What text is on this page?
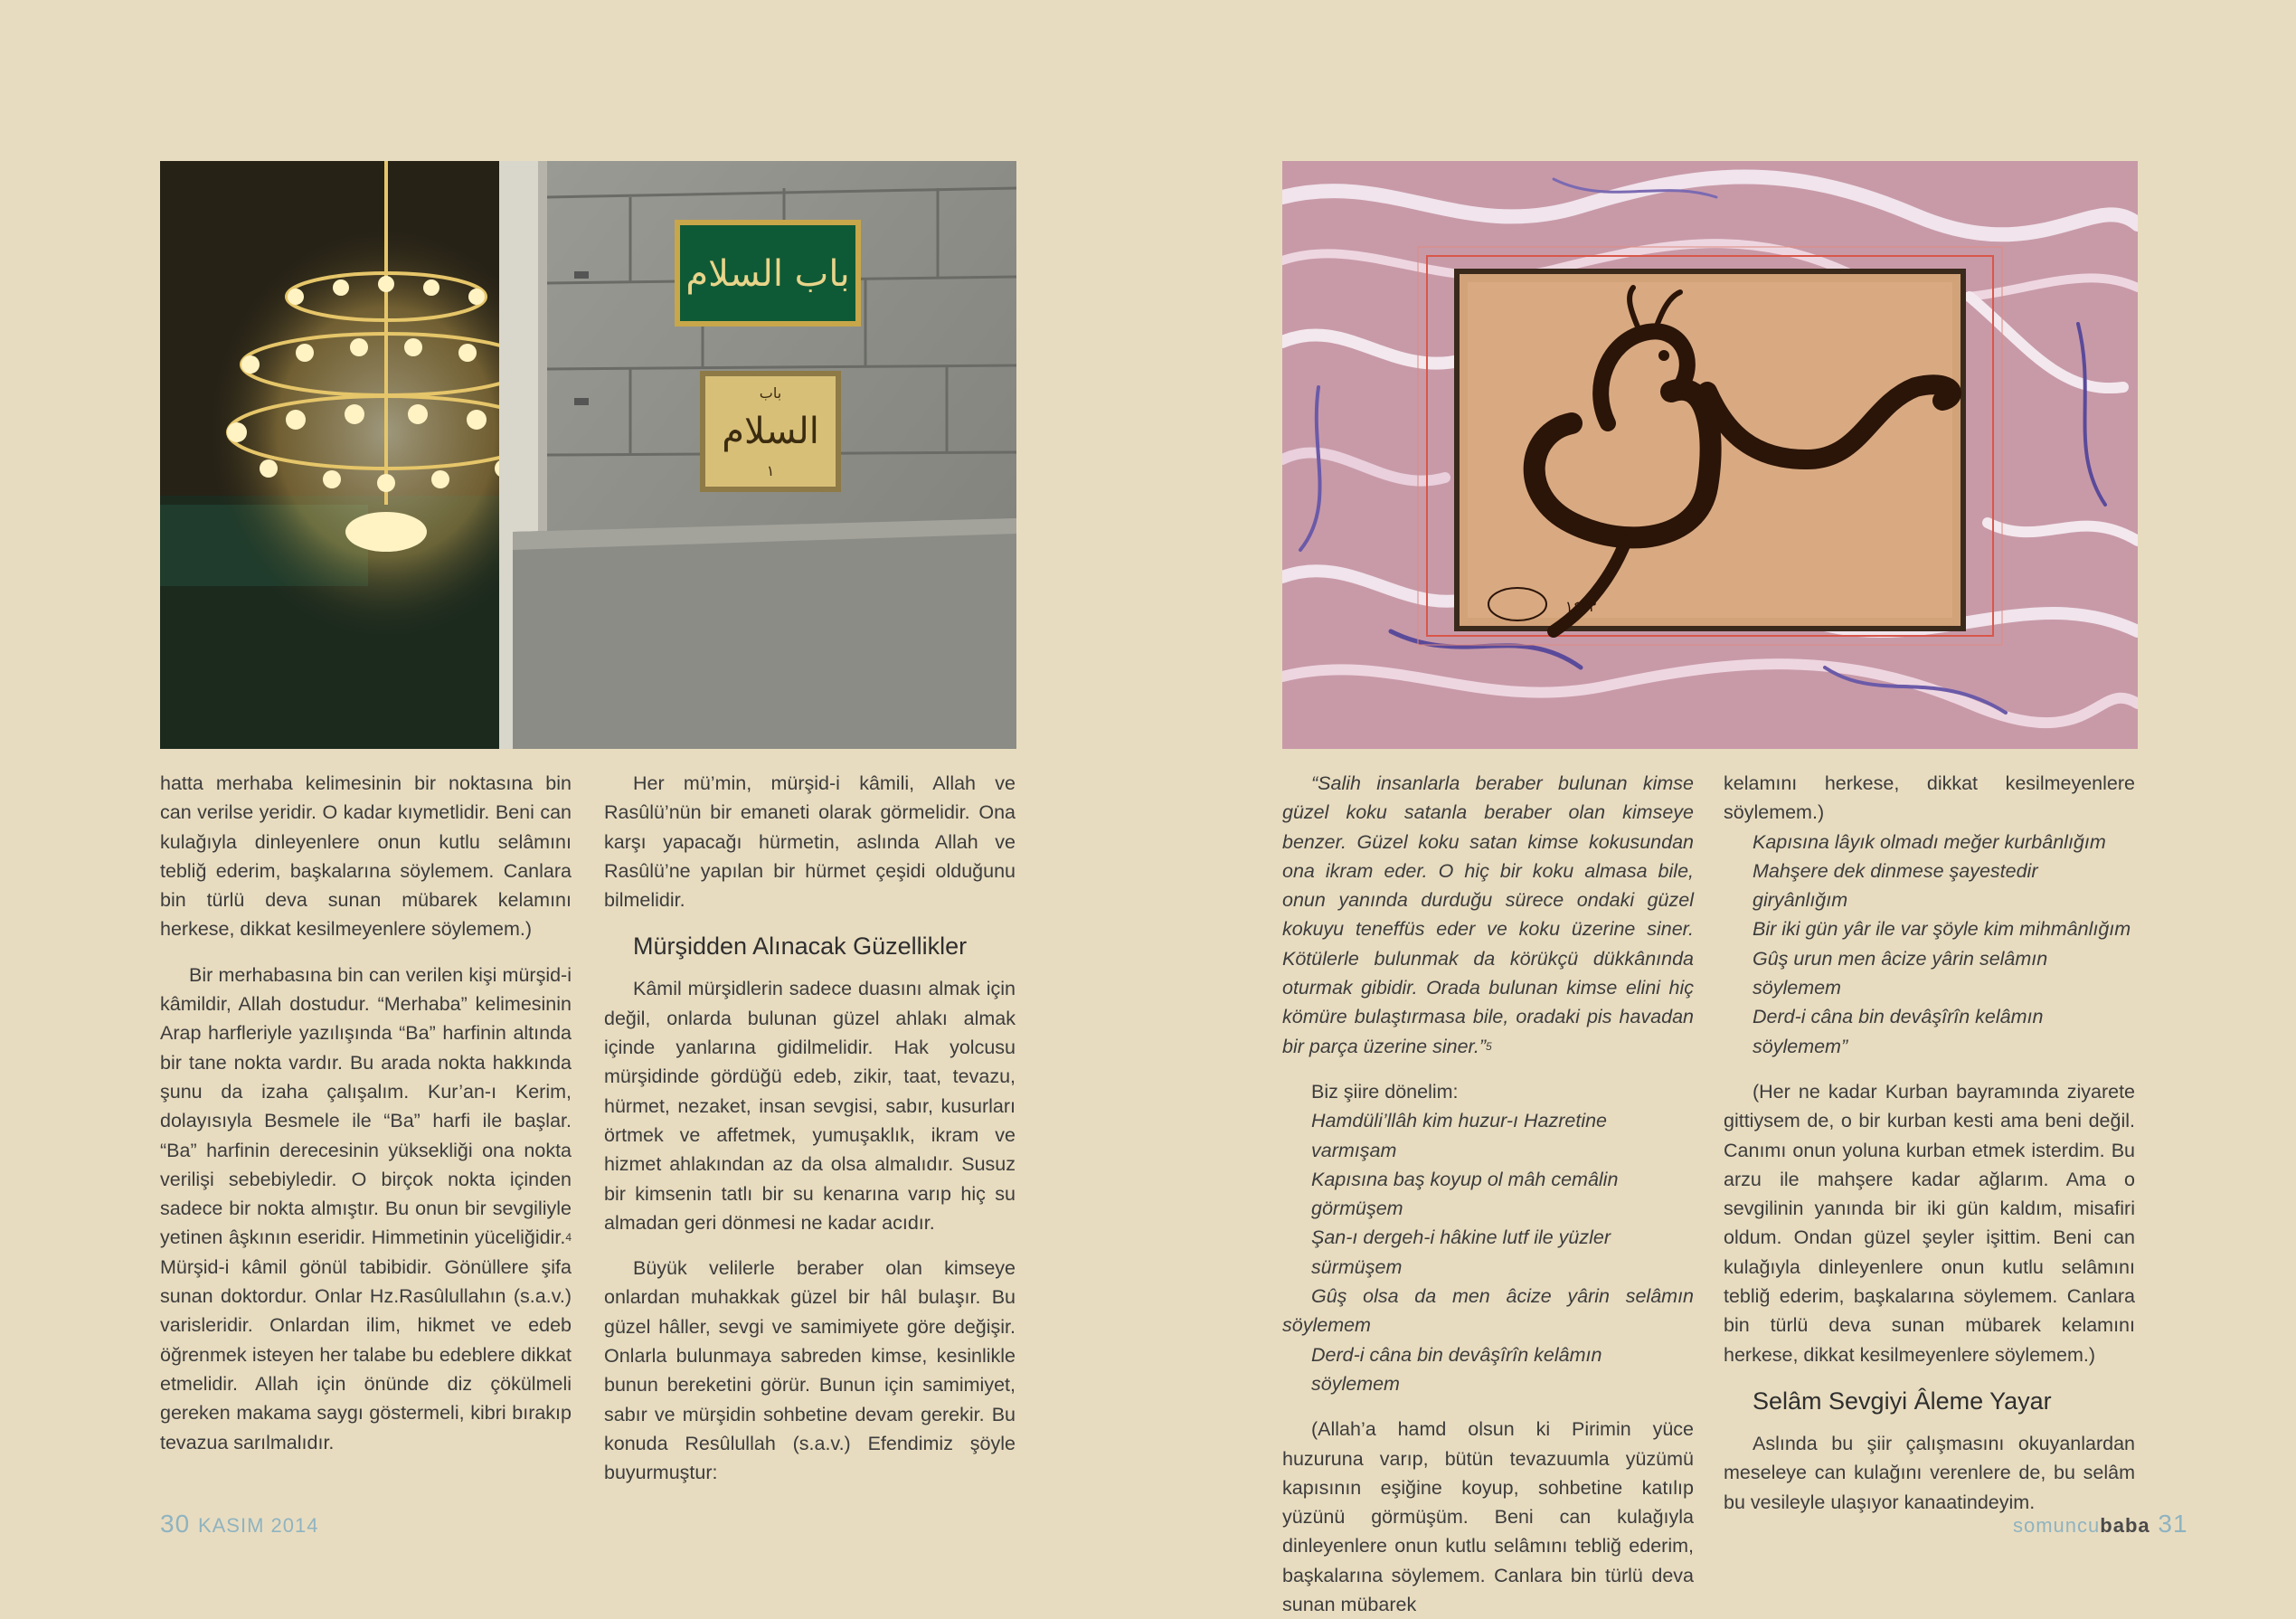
باب السلام
باب
السلام
١
١٤٣٣

hatta merhaba kelimesinin bir noktasına bin can verilse yeridir. O kadar kıymetlidir. Beni can kulağıyla dinleyenlere onun kutlu selâmını tebliğ ederim, başkalarına söylemem. Canlara bin türlü deva sunan mübarek kelamını herkese, dikkat kesilmeyenlere söylemem.)

Bir merhabasına bin can verilen kişi mürşid-i kâmildir, Allah dostudur. “Merhaba” kelimesinin Arap harfleriyle yazılışında “Ba” harfinin altında bir tane nokta vardır. Bu arada nokta hakkında şunu da izaha çalışalım. Kur’an-ı Kerim, dolayısıyla Besmele ile “Ba” harfi ile başlar. “Ba” harfinin derecesinin yüksekliği ona nokta verilişi sebebiyledir. O birçok nokta içinden sadece bir nokta almıştır. Bu onun bir sevgiliyle yetinen âşkının eseridir. Himmetinin yüceliğidir.$^4$ Mürşid-i kâmil gönül tabibidir. Gönüllere şifa sunan doktordur. Onlar Hz.Rasûlullahın (s.a.v.) varisleridir. Onlardan ilim, hikmet ve edeb öğrenmek isteyen her talabe bu edeblere dikkat etmelidir. Allah için önünde diz çökülmeli gereken makama saygı göstermeli, kibri bırakıp tevazua sarılmalıdır.

Her mü’min, mürşid-i kâmili, Allah ve Rasûlü’nün bir emaneti olarak görmelidir. Ona karşı yapacağı hürmetin, aslında Allah ve Rasûlü’ne yapılan bir hürmet çeşidi olduğunu bilmelidir.

Mürşidden Alınacak Güzellikler

Kâmil mürşidlerin sadece duasını almak için değil, onlarda bulunan güzel ahlakı almak içinde yanlarına gidilmelidir. Hak yolcusu mürşidinde gördüğü edeb, zikir, taat, tevazu, hürmet, nezaket, insan sevgisi, sabır, kusurları örtmek ve affetmek, yumuşaklık, ikram ve hizmet ahlakından az da olsa almalıdır. Susuz bir kimsenin tatlı bir su kenarına varıp hiç su almadan geri dönmesi ne kadar acıdır.

Büyük velilerle beraber olan kimseye onlardan muhakkak güzel bir hâl bulaşır. Bu güzel hâller, sevgi ve samimiyete göre değişir. Onlarla bulunmaya sabreden kimse, kesinlikle bunun bereketini görür. Bunun için samimiyet, sabır ve mürşidin sohbetine devam gerekir. Bu konuda Resûlullah (s.a.v.) Efendimiz şöyle buyurmuştur:

“Salih insanlarla beraber bulunan kimse güzel koku satanla beraber olan kimseye benzer. Güzel koku satan kimse kokusundan ona ikram eder. O hiç bir koku almasa bile, onun yanında durduğu sürece ondaki güzel kokuyu teneffüs eder ve koku üzerine siner. Kötülerle bulunmak da körükçü dükkânında oturmak gibidir. Orada bulunan kimse elini hiç kömüre bulaştırmasa bile, oradaki pis havadan bir parça üzerine siner.”$^5$

Biz şiire dönelim:

Hamdüli’llâh kim huzur-ı Hazretine varmışam
Kapısına baş koyup ol mâh cemâlin görmüşem
Şan-ı dergeh-i hâkine lutf ile yüzler sürmüşem
Gûş olsa da men âcize yârin selâmın söylemem
Derd-i câna bin devâşîrîn kelâmın söylemem

(Allah’a hamd olsun ki Pirimin yüce huzuruna varıp, bütün tevazuumla yüzümü kapısının eşiğine koyup, sohbetine katılıp yüzünü görmüşüm. Beni can kulağıyla dinleyenlere onun kutlu selâmını tebliğ ederim, başkalarına söylemem. Canlara bin türlü deva sunan mübarek

kelamını herkese, dikkat kesilmeyenlere söylemem.)

Kapısına lâyık olmadı meğer kurbânlığım
Mahşere dek dinmese şayestedir giryânlığım
Bir iki gün yâr ile var şöyle kim mihmânlığım
Gûş urun men âcize yârin selâmın söylemem
Derd-i câna bin devâşîrîn kelâmın söylemem”

(Her ne kadar Kurban bayramında ziyarete gittiysem de, o bir kurban kesti ama beni değil. Canımı onun yoluna kurban etmek isterdim. Bu arzu ile mahşere kadar ağlarım. Ama o sevgilinin yanında bir iki gün kaldım, misafiri oldum. Ondan güzel şeyler işittim. Beni can kulağıyla dinleyenlere onun kutlu selâmını tebliğ ederim, başkalarına söylemem. Canlara bin türlü deva sunan mübarek kelamını herkese, dikkat kesilmeyenlere söylemem.)

Selâm Sevgiyi Âleme Yayar

Aslında bu şiir çalışmasını okuyanlardan meseleye can kulağını verenlere de, bu selâm bu vesileyle ulaşıyor kanaatindeyim.

30 KASIM 2014	somuncubaba 31
